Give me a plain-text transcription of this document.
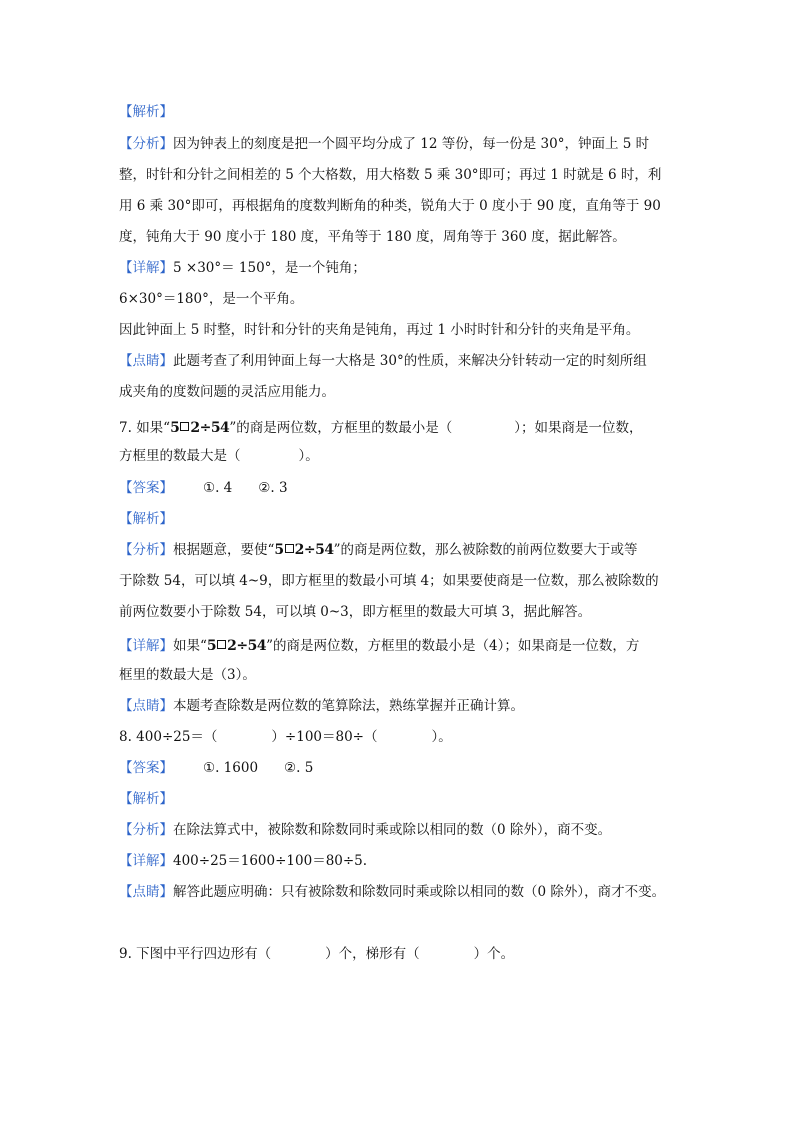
【解析】
【分析】因为钟表上的刻度是把一个圆平均分成了 12 等份，每一份是 30°，钟面上 5 时
整，时针和分针之间相差的 5 个大格数，用大格数 5 乘 30°即可；再过 1 时就是 6 时，利
用 6 乘 30°即可，再根据角的度数判断角的种类，锐角大于 0 度小于 90 度，直角等于 90
度，钝角大于 90 度小于 180 度，平角等于 180 度，周角等于 360 度，据此解答。
【详解】5 ×30°＝ 150°，是一个钝角；
6×30°＝180°，是一个平角。
因此钟面上 5 时整，时针和分针的夹角是钝角，再过 1 小时时针和分针的夹角是平角。
【点睛】此题考查了利用钟面上每一大格是 30°的性质，来解决分针转动一定的时刻所组
成夹角的度数问题的灵活应用能力。
7. 如果“5 2÷54”的商是两位数，方框里的数最小是（	）；如果商是一位数，
方框里的数最大是（	）。
【答案】 ①. 4 ②. 3
【解析】
【分析】根据题意，要使“5 2÷54”的商是两位数，那么被除数的前两位数要大于或等
于除数 54，可以填 4~9，即方框里的数最小可填 4；如果要使商是一位数，那么被除数的
前两位数要小于除数 54，可以填 0~3，即方框里的数最大可填 3，据此解答。
【详解】如果“5 2÷54”的商是两位数，方框里的数最小是（4）；如果商是一位数，方
框里的数最大是（3）。
【点睛】本题考查除数是两位数的笔算除法，熟练掌握并正确计算。
8. 400÷25＝（　　　　）÷100＝80÷（　　　　）。
【答案】 ①. 1600 ②. 5
【解析】
【分析】在除法算式中，被除数和除数同时乘或除以相同的数（0 除外），商不变。
【详解】400÷25＝1600÷100＝80÷5.
【点睛】解答此题应明确：只有被除数和除数同时乘或除以相同的数（0 除外），商才不变。
9. 下图中平行四边形有（　　　　）个，梯形有（　　　　）个。
